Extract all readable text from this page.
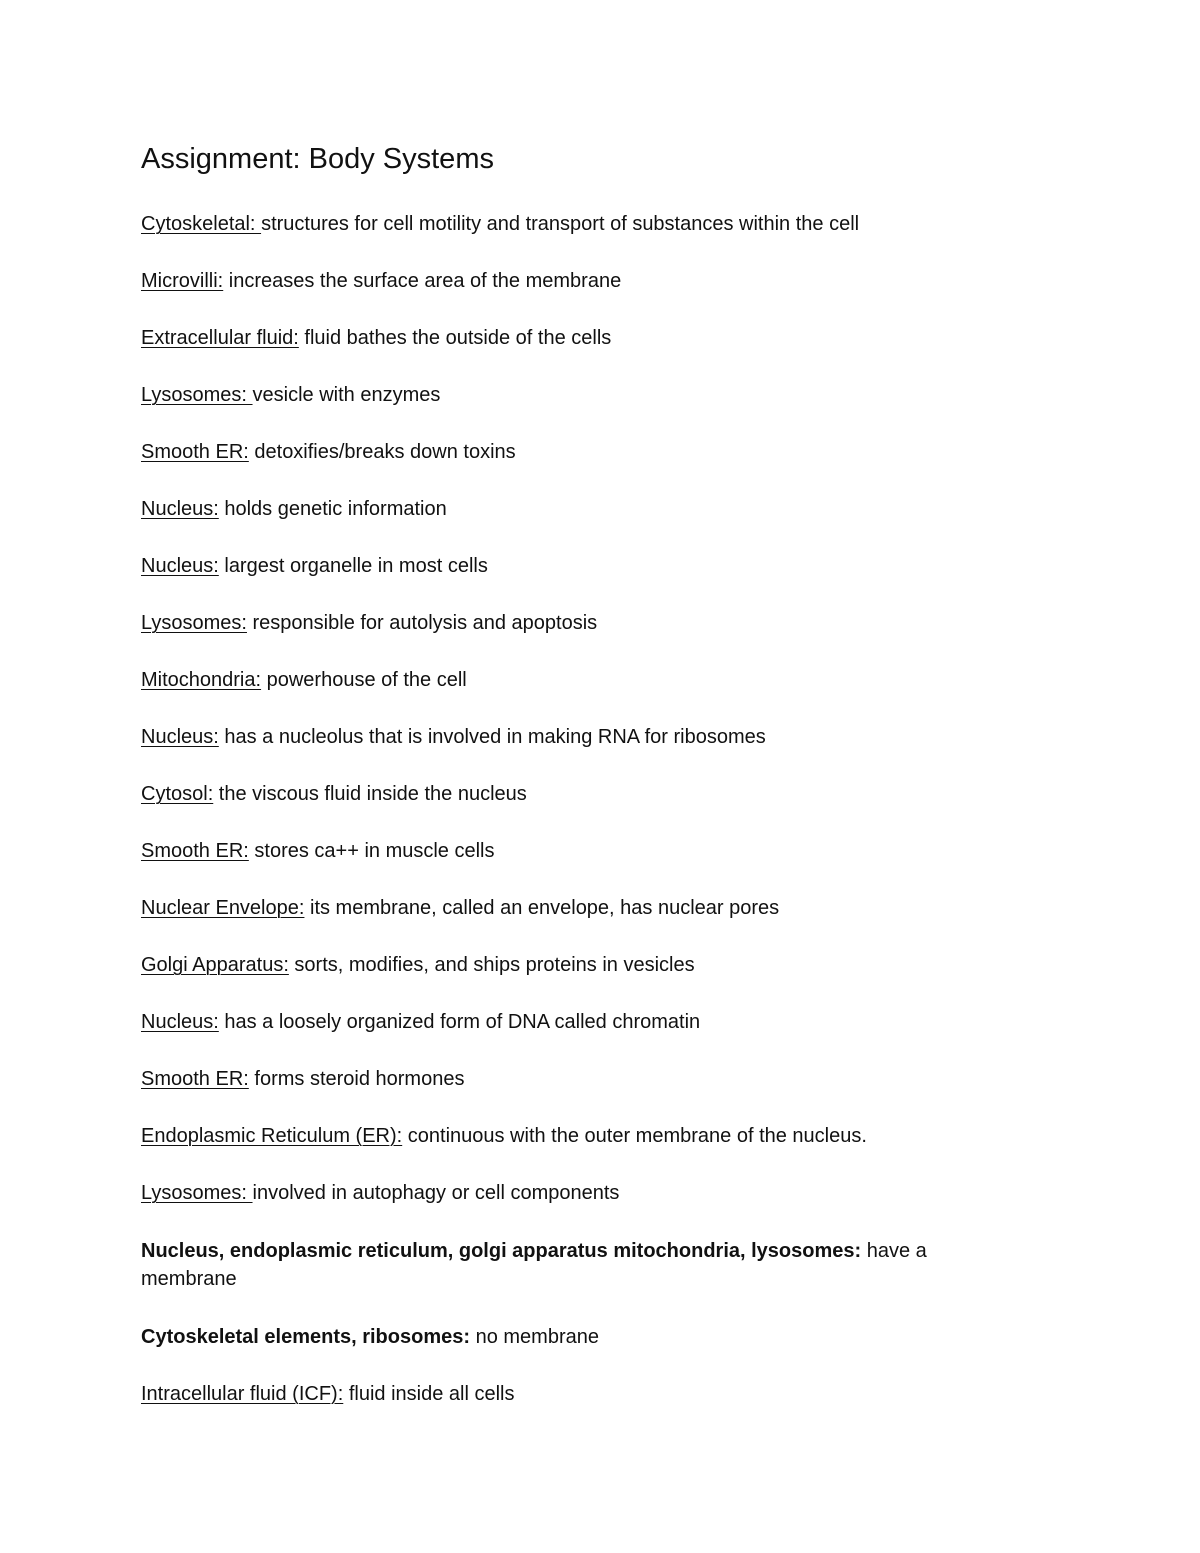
Assignment: Body Systems
Cytoskeletal: structures for cell motility and transport of substances within the cell
Microvilli: increases the surface area of the membrane
Extracellular fluid: fluid bathes the outside of the cells
Lysosomes: vesicle with enzymes
Smooth ER: detoxifies/breaks down toxins
Nucleus: holds genetic information
Nucleus: largest organelle in most cells
Lysosomes: responsible for autolysis and apoptosis
Mitochondria: powerhouse of the cell
Nucleus: has a nucleolus that is involved in making RNA for ribosomes
Cytosol: the viscous fluid inside the nucleus
Smooth ER: stores ca++ in muscle cells
Nuclear Envelope: its membrane, called an envelope, has nuclear pores
Golgi Apparatus: sorts, modifies, and ships proteins in vesicles
Nucleus: has a loosely organized form of DNA called chromatin
Smooth ER: forms steroid hormones
Endoplasmic Reticulum (ER): continuous with the outer membrane of the nucleus.
Lysosomes: involved in autophagy or cell components
Nucleus, endoplasmic reticulum, golgi apparatus mitochondria, lysosomes: have a membrane
Cytoskeletal elements, ribosomes: no membrane
Intracellular fluid (ICF): fluid inside all cells
